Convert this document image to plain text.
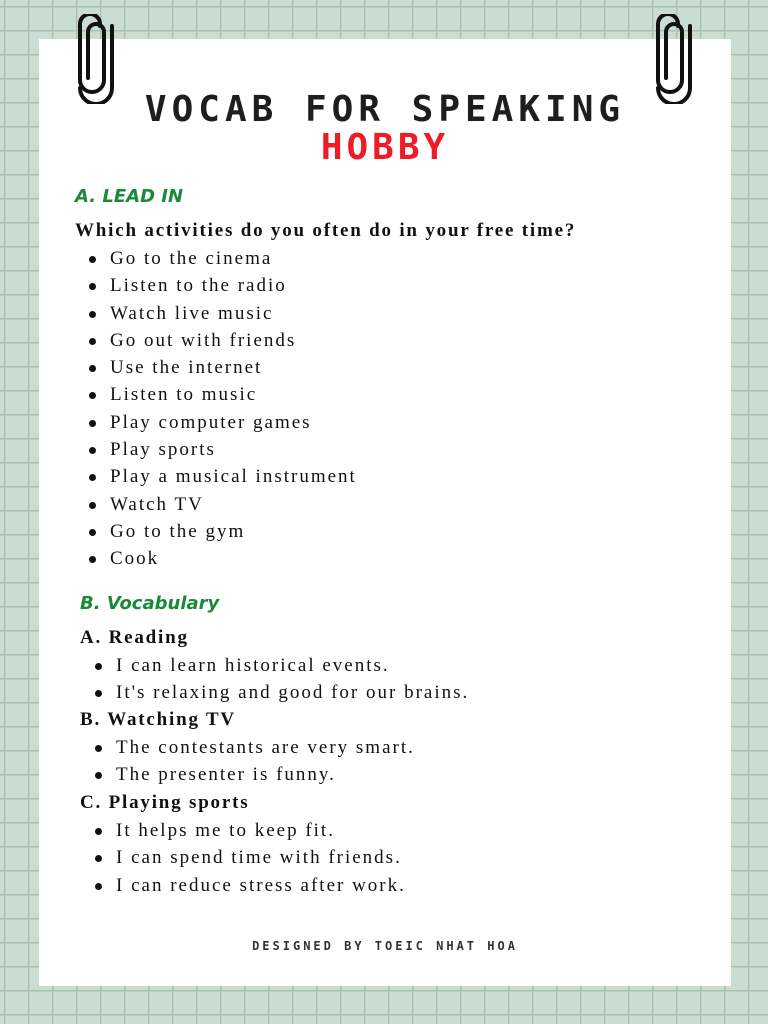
VOCAB FOR SPEAKING
HOBBY
A. LEAD IN

Which activities do you often do in your free time?

Go to the cinema
Listen to the radio
Watch live music
Go out with friends
Use the internet
Listen to music
Play computer games
Play sports
Play a musical instrument
Watch TV
Go to the gym
Cook
B. Vocabulary
A. Reading
I can learn historical events.
It's relaxing and good for our brains.
B. Watching TV
The contestants are very smart.
The presenter is funny.
C. Playing sports
It helps me to keep fit.
I can spend time with friends.
I can reduce stress after work.

DESIGNED BY TOEIC NHAT HOA
